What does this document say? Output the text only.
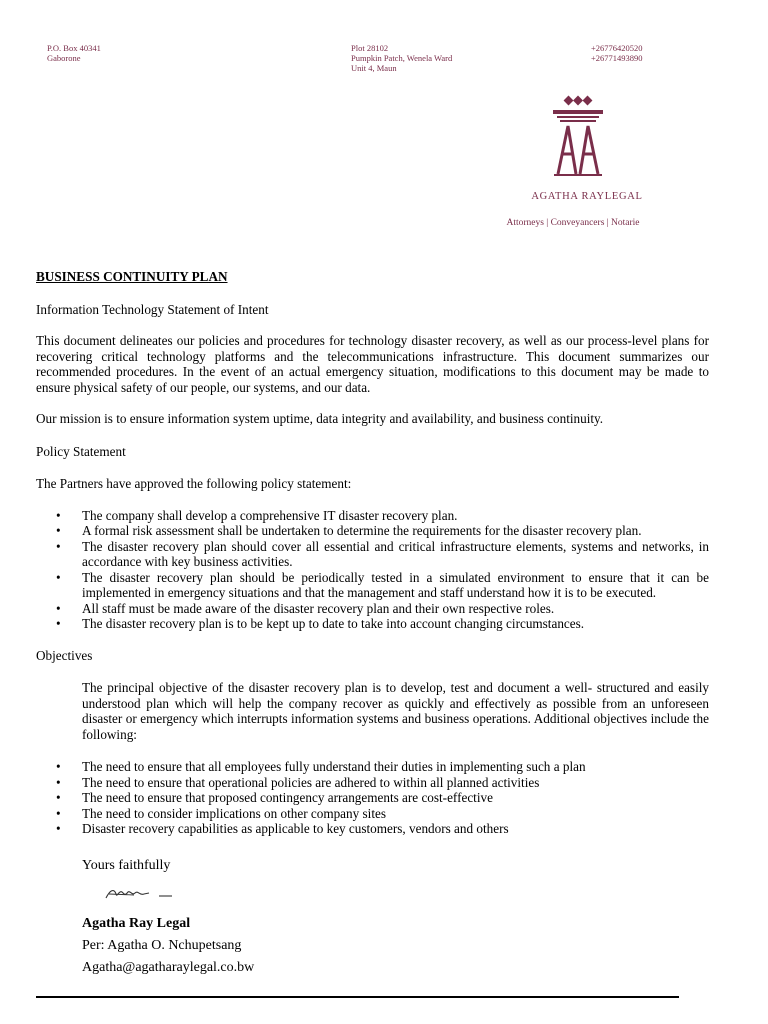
P.O. Box 40341
Gaborone
Plot 28102
Pumpkin Patch, Wenela Ward
Unit 4, Maun
+26776420520
+26771493890
AGATHA RAYLEGAL
Attorneys | Conveyancers | Notarie

BUSINESS CONTINUITY PLAN

Information Technology Statement of Intent

This document delineates our policies and procedures for technology disaster recovery, as well as our process-level plans for recovering critical technology platforms and the telecommunications infrastructure. This document summarizes our recommended procedures. In the event of an actual emergency situation, modifications to this document may be made to ensure physical safety of our people, our systems, and our data.

Our mission is to ensure information system uptime, data integrity and availability, and business continuity.

Policy Statement

The Partners have approved the following policy statement:

• The company shall develop a comprehensive IT disaster recovery plan.
• A formal risk assessment shall be undertaken to determine the requirements for the disaster recovery plan.
• The disaster recovery plan should cover all essential and critical infrastructure elements, systems and networks, in accordance with key business activities.
• The disaster recovery plan should be periodically tested in a simulated environment to ensure that it can be implemented in emergency situations and that the management and staff understand how it is to be executed.
• All staff must be made aware of the disaster recovery plan and their own respective roles.
• The disaster recovery plan is to be kept up to date to take into account changing circumstances.

Objectives

The principal objective of the disaster recovery plan is to develop, test and document a well- structured and easily understood plan which will help the company recover as quickly and effectively as possible from an unforeseen disaster or emergency which interrupts information systems and business operations. Additional objectives include the following:

• The need to ensure that all employees fully understand their duties in implementing such a plan
• The need to ensure that operational policies are adhered to within all planned activities
• The need to ensure that proposed contingency arrangements are cost-effective
• The need to consider implications on other company sites
• Disaster recovery capabilities as applicable to key customers, vendors and others
Yours faithfully
Agatha Ray Legal
Per: Agatha O. Nchupetsang
Agatha@agatharaylegal.co.bw
